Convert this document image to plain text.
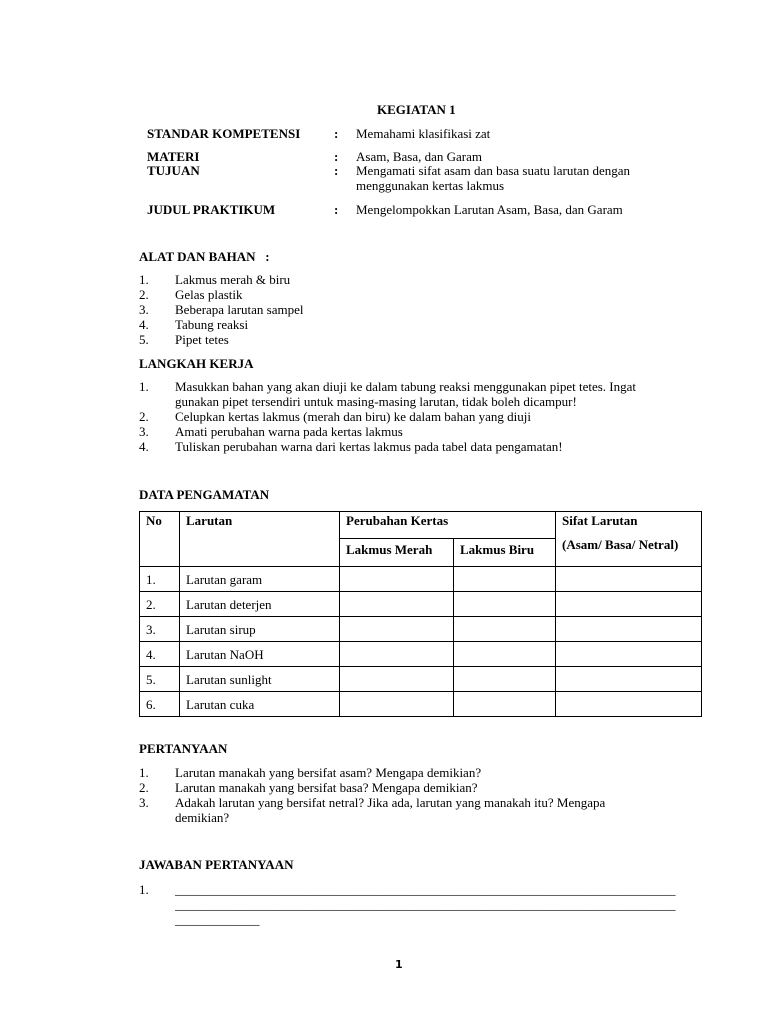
KEGIATAN 1
STANDAR KOMPETENSI	: Memahami klasifikasi zat
MATERI	: Asam, Basa, dan Garam
TUJUAN	: Mengamati sifat asam dan basa suatu larutan dengan
menggunakan kertas lakmus
JUDUL PRAKTIKUM	: Mengelompokkan Larutan Asam, Basa, dan Garam
ALAT DAN BAHAN   :
1. Lakmus merah & biru
2. Gelas plastik
3. Beberapa larutan sampel
4. Tabung reaksi
5. Pipet tetes
LANGKAH KERJA
1. Masukkan bahan yang akan diuji ke dalam tabung reaksi menggunakan pipet tetes. Ingat
gunakan pipet tersendiri untuk masing-masing larutan, tidak boleh dicampur!
2. Celupkan kertas lakmus (merah dan biru) ke dalam bahan yang diuji
3. Amati perubahan warna pada kertas lakmus
4. Tuliskan perubahan warna dari kertas lakmus pada tabel data pengamatan!
DATA PENGAMATAN
No	Larutan	Perubahan Kertas		Sifat Larutan
(Asam/ Basa/ Netral)

		Lakmus Merah	Lakmus Biru	
1.	Larutan garam			
2.	Larutan deterjen			
3.	Larutan sirup			
4.	Larutan NaOH			
5.	Larutan sunlight			
6.	Larutan cuka			
PERTANYAAN
1. Larutan manakah yang bersifat asam? Mengapa demikian?
2. Larutan manakah yang bersifat basa? Mengapa demikian?
3. Adakah larutan yang bersifat netral? Jika ada, larutan yang manakah itu? Mengapa
demikian?
JAWABAN PERTANYAAN
1. _____________________________________________________________________________
_____________________________________________________________________________
_____________
1
